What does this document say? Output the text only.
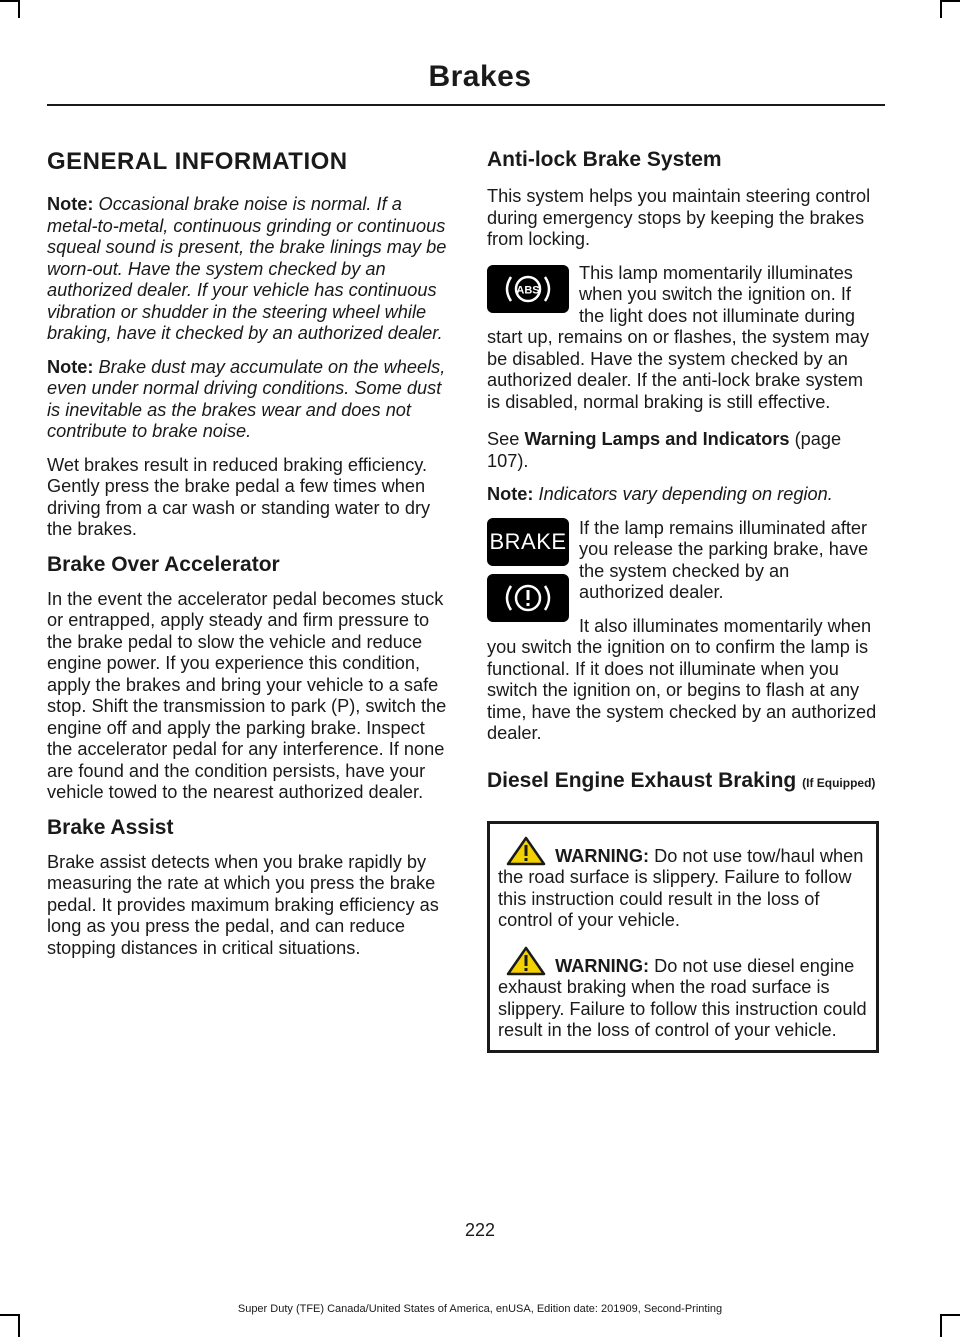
Brakes
GENERAL INFORMATION

Note: Occasional brake noise is normal. If a metal-to-metal, continuous grinding or continuous squeal sound is present, the brake linings may be worn-out. Have the system checked by an authorized dealer. If your vehicle has continuous vibration or shudder in the steering wheel while braking, have it checked by an authorized dealer.

Note: Brake dust may accumulate on the wheels, even under normal driving conditions. Some dust is inevitable as the brakes wear and does not contribute to brake noise.

Wet brakes result in reduced braking efficiency. Gently press the brake pedal a few times when driving from a car wash or standing water to dry the brakes.

Brake Over Accelerator

In the event the accelerator pedal becomes stuck or entrapped, apply steady and firm pressure to the brake pedal to slow the vehicle and reduce engine power. If you experience this condition, apply the brakes and bring your vehicle to a safe stop. Shift the transmission to park (P), switch the engine off and apply the parking brake. Inspect the accelerator pedal for any interference. If none are found and the condition persists, have your vehicle towed to the nearest authorized dealer.

Brake Assist

Brake assist detects when you brake rapidly by measuring the rate at which you press the brake pedal. It provides maximum braking efficiency as long as you press the pedal, and can reduce stopping distances in critical situations.

Anti-lock Brake System

This system helps you maintain steering control during emergency stops by keeping the brakes from locking.

ABS

This lamp momentarily illuminates when you switch the ignition on. If the light does not illuminate during start up, remains on or flashes, the system may be disabled. Have the system checked by an authorized dealer. If the anti-lock brake system is disabled, normal braking is still effective.

See Warning Lamps and Indicators (page 107).

Note: Indicators vary depending on region.

BRAKE

If the lamp remains illuminated after you release the parking brake, have the system checked by an authorized dealer.

It also illuminates momentarily when you switch the ignition on to confirm the lamp is functional. If it does not illuminate when you switch the ignition on, or begins to flash at any time, have the system checked by an authorized dealer.

Diesel Engine Exhaust Braking (If Equipped)

WARNING: Do not use tow/haul when the road surface is slippery. Failure to follow this instruction could result in the loss of control of your vehicle.

WARNING: Do not use diesel engine exhaust braking when the road surface is slippery. Failure to follow this instruction could result in the loss of control of your vehicle.

222
Super Duty (TFE) Canada/United States of America, enUSA, Edition date: 201909, Second-Printing
